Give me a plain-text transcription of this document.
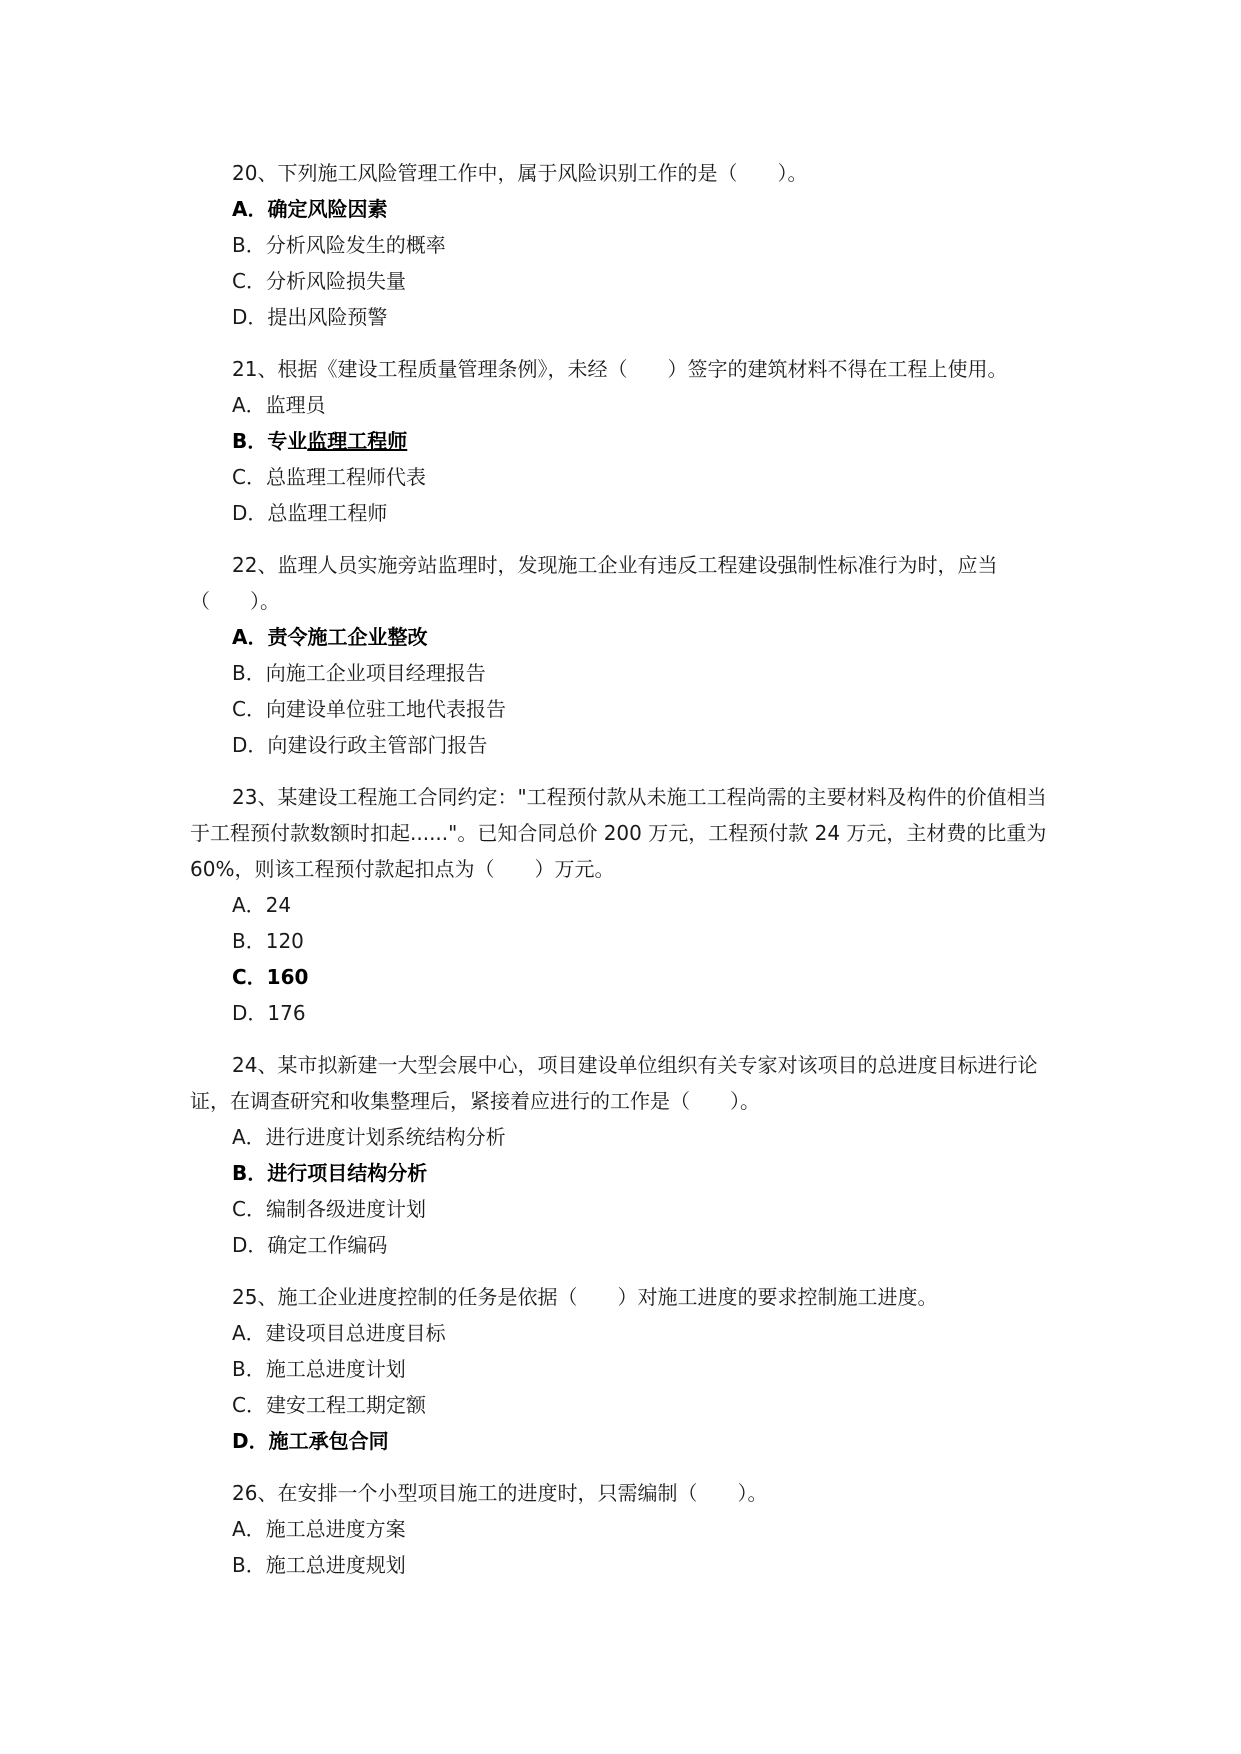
20、下列施工风险管理工作中，属于风险识别工作的是（　　）。

A．确定风险因素

B．分析风险发生的概率

C．分析风险损失量

D．提出风险预警

21、根据《建设工程质量管理条例》，未经（　　）签字的建筑材料不得在工程上使用。

A．监理员

B．专业监理工程师

C．总监理工程师代表

D．总监理工程师

22、监理人员实施旁站监理时，发现施工企业有违反工程建设强制性标准行为时，应当（　　）。

A．责令施工企业整改

B．向施工企业项目经理报告

C．向建设单位驻工地代表报告

D．向建设行政主管部门报告

23、某建设工程施工合同约定："工程预付款从未施工工程尚需的主要材料及构件的价值相当于工程预付款数额时扣起......"。已知合同总价 200 万元，工程预付款 24 万元，主材费的比重为 60%，则该工程预付款起扣点为（　　）万元。

A．24

B．120

C．160

D．176

24、某市拟新建一大型会展中心，项目建设单位组织有关专家对该项目的总进度目标进行论证，在调查研究和收集整理后，紧接着应进行的工作是（　　）。

A．进行进度计划系统结构分析

B．进行项目结构分析

C．编制各级进度计划

D．确定工作编码

25、施工企业进度控制的任务是依据（　　）对施工进度的要求控制施工进度。

A．建设项目总进度目标

B．施工总进度计划

C．建安工程工期定额

D．施工承包合同

26、在安排一个小型项目施工的进度时，只需编制（　　）。

A．施工总进度方案

B．施工总进度规划
